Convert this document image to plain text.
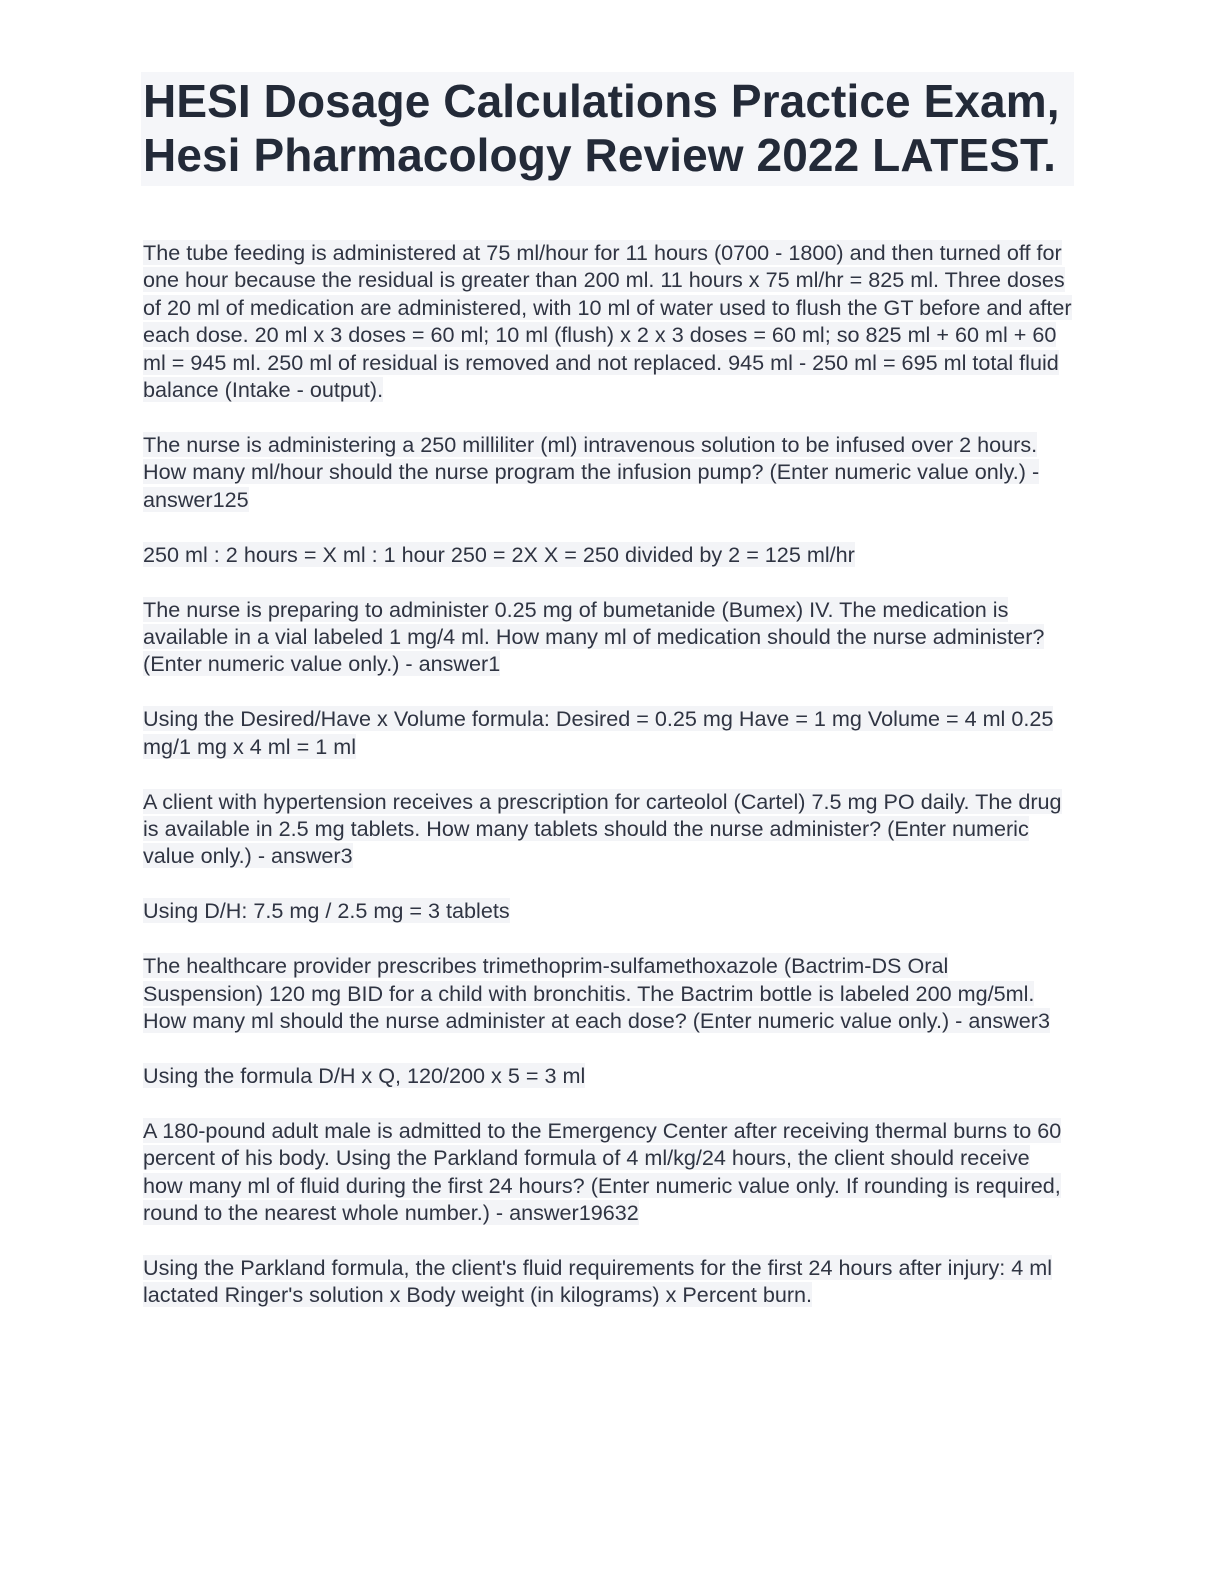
HESI Dosage Calculations Practice Exam, Hesi Pharmacology Review 2022 LATEST.

The tube feeding is administered at 75 ml/hour for 11 hours (0700 - 1800) and then turned off for one hour because the residual is greater than 200 ml. 11 hours x 75 ml/hr = 825 ml. Three doses of 20 ml of medication are administered, with 10 ml of water used to flush the GT before and after each dose. 20 ml x 3 doses = 60 ml; 10 ml (flush) x 2 x 3 doses = 60 ml; so 825 ml + 60 ml + 60 ml = 945 ml. 250 ml of residual is removed and not replaced. 945 ml - 250 ml = 695 ml total fluid balance (Intake - output).

The nurse is administering a 250 milliliter (ml) intravenous solution to be infused over 2 hours. How many ml/hour should the nurse program the infusion pump? (Enter numeric value only.) - answer125

250 ml : 2 hours = X ml : 1 hour 250 = 2X X = 250 divided by 2 = 125 ml/hr

The nurse is preparing to administer 0.25 mg of bumetanide (Bumex) IV. The medication is available in a vial labeled 1 mg/4 ml. How many ml of medication should the nurse administer? (Enter numeric value only.) - answer1

Using the Desired/Have x Volume formula: Desired = 0.25 mg Have = 1 mg Volume = 4 ml 0.25 mg/1 mg x 4 ml = 1 ml

A client with hypertension receives a prescription for carteolol (Cartel) 7.5 mg PO daily. The drug is available in 2.5 mg tablets. How many tablets should the nurse administer? (Enter numeric value only.) - answer3

Using D/H: 7.5 mg / 2.5 mg = 3 tablets

The healthcare provider prescribes trimethoprim-sulfamethoxazole (Bactrim-DS Oral Suspension) 120 mg BID for a child with bronchitis. The Bactrim bottle is labeled 200 mg/5ml. How many ml should the nurse administer at each dose? (Enter numeric value only.) - answer3

Using the formula D/H x Q, 120/200 x 5 = 3 ml

A 180-pound adult male is admitted to the Emergency Center after receiving thermal burns to 60 percent of his body. Using the Parkland formula of 4 ml/kg/24 hours, the client should receive how many ml of fluid during the first 24 hours? (Enter numeric value only. If rounding is required, round to the nearest whole number.) - answer19632

Using the Parkland formula, the client's fluid requirements for the first 24 hours after injury: 4 ml lactated Ringer's solution x Body weight (in kilograms) x Percent burn.
